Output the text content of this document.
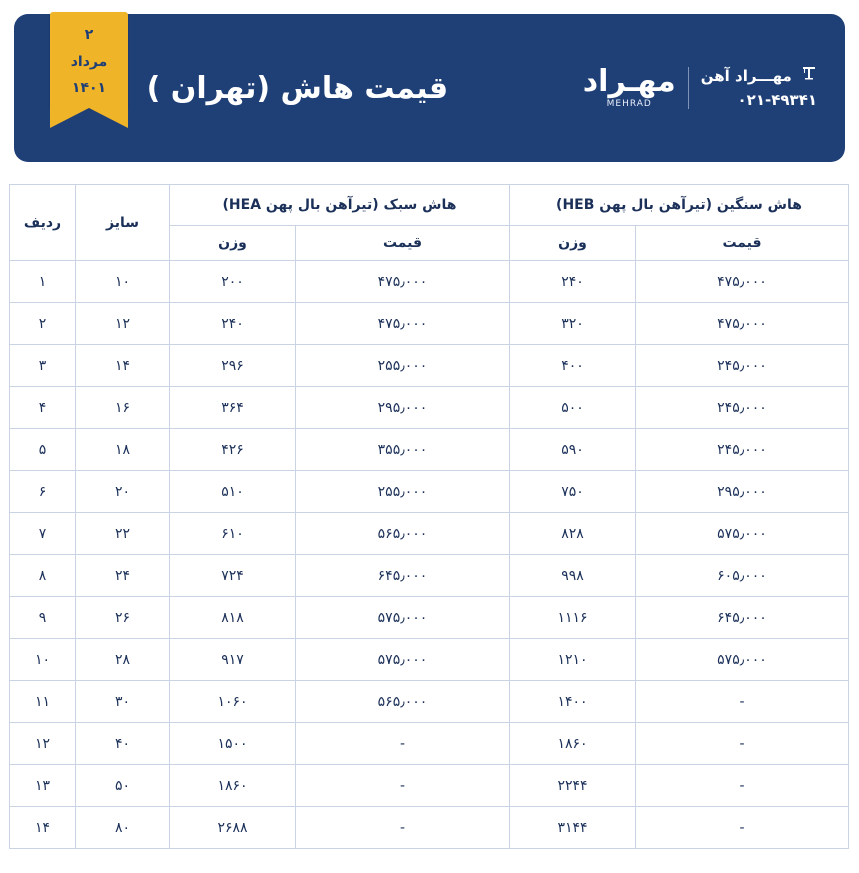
۲
مرداد
۱۴۰۱	مهـراد
MEHRAD
مهـــراد آهن
۰۲۱-۴۹۳۴۱
قیمت هاش (تهران )
هاش سنگین (تیرآهن بال پهن HEB)		هاش سبک (تیرآهن بال پهن HEA)		سایز	ردیف
قیمت	وزن	قیمت	وزن		
۴۷۵٫۰۰۰	۲۴۰	۴۷۵٫۰۰۰	۲۰۰	۱۰	۱
۴۷۵٫۰۰۰	۳۲۰	۴۷۵٫۰۰۰	۲۴۰	۱۲	۲
۲۴۵٫۰۰۰	۴۰۰	۲۵۵٫۰۰۰	۲۹۶	۱۴	۳
۲۴۵٫۰۰۰	۵۰۰	۲۹۵٫۰۰۰	۳۶۴	۱۶	۴
۲۴۵٫۰۰۰	۵۹۰	۳۵۵٫۰۰۰	۴۲۶	۱۸	۵
۲۹۵٫۰۰۰	۷۵۰	۲۵۵٫۰۰۰	۵۱۰	۲۰	۶
۵۷۵٫۰۰۰	۸۲۸	۵۶۵٫۰۰۰	۶۱۰	۲۲	۷
۶۰۵٫۰۰۰	۹۹۸	۶۴۵٫۰۰۰	۷۲۴	۲۴	۸
۶۴۵٫۰۰۰	۱۱۱۶	۵۷۵٫۰۰۰	۸۱۸	۲۶	۹
۵۷۵٫۰۰۰	۱۲۱۰	۵۷۵٫۰۰۰	۹۱۷	۲۸	۱۰
-	۱۴۰۰	۵۶۵٫۰۰۰	۱۰۶۰	۳۰	۱۱
-	۱۸۶۰	-	۱۵۰۰	۴۰	۱۲
-	۲۲۴۴	-	۱۸۶۰	۵۰	۱۳
-	۳۱۴۴	-	۲۶۸۸	۸۰	۱۴
